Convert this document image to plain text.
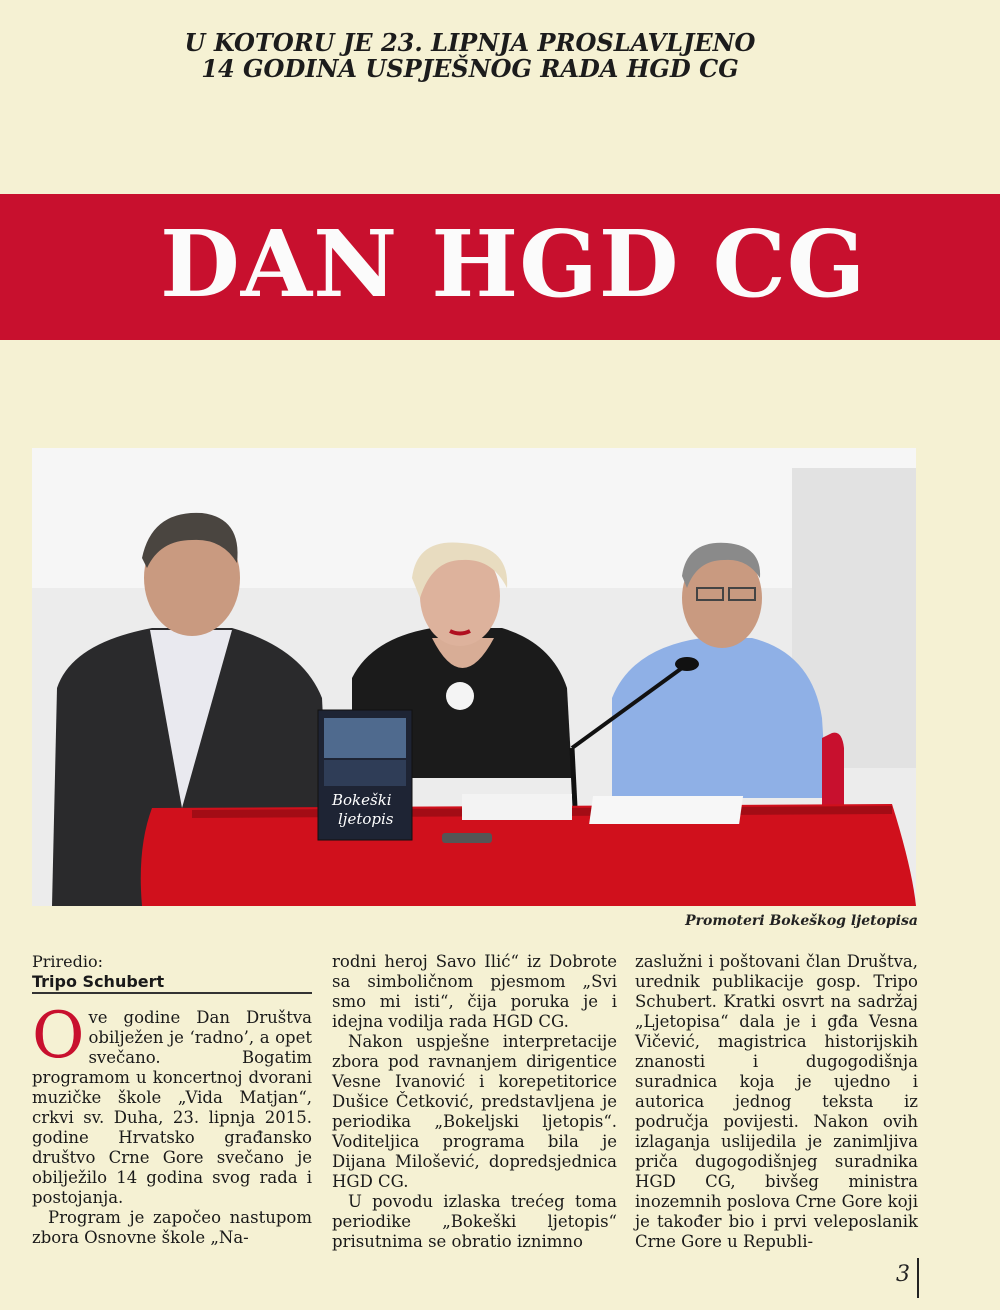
U KOTORU JE 23. LIPNJA PROSLAVLJENO
14 GODINA USPJEŠNOG RADA HGD CG
DAN HGD CG
Bokeški
ljetopis
Promoteri Bokeškog ljetopisa

Priredio:

Tripo Schubert

Ove godine Dan Društva obilježen je ‘radno’, a opet svečano. Bogatim programom u koncertnoj dvorani muzičke škole „Vida Matjan“, crkvi sv. Duha, 23. lipnja 2015. godine Hrvatsko građansko društvo Crne Gore svečano je obilježilo 14 godina svog rada i postojanja.

Program je započeo nastupom zbora Osnovne škole „Na-

rodni heroj Savo Ilić“ iz Dobrote sa simboličnom pjesmom „Svi smo mi isti“, čija poruka je i idejna vodilja rada HGD CG.

Nakon uspješne interpretacije zbora pod ravnanjem dirigentice Vesne Ivanović i korepetitorice Dušice Četković, predstavljena je periodika „Bokeljski ljetopis“. Voditeljica programa bila je Dijana Milošević, dopredsjednica HGD CG.

U povodu izlaska trećeg toma periodike „Bokeški ljetopis“ prisutnima se obratio iznimno

zaslužni i poštovani član Društva, urednik publikacije gosp. Tripo Schubert. Kratki osvrt na sadržaj „Ljetopisa“ dala je i gđa Vesna Vičević, magistrica historijskih znanosti i dugogodišnja suradnica koja je ujedno i autorica jednog teksta iz područja povijesti. Nakon ovih izlaganja uslijedila je zanimljiva priča dugogodišnjeg suradnika HGD CG, bivšeg ministra inozemnih poslova Crne Gore koji je također bio i prvi veleposlanik Crne Gore u Republi-

3
